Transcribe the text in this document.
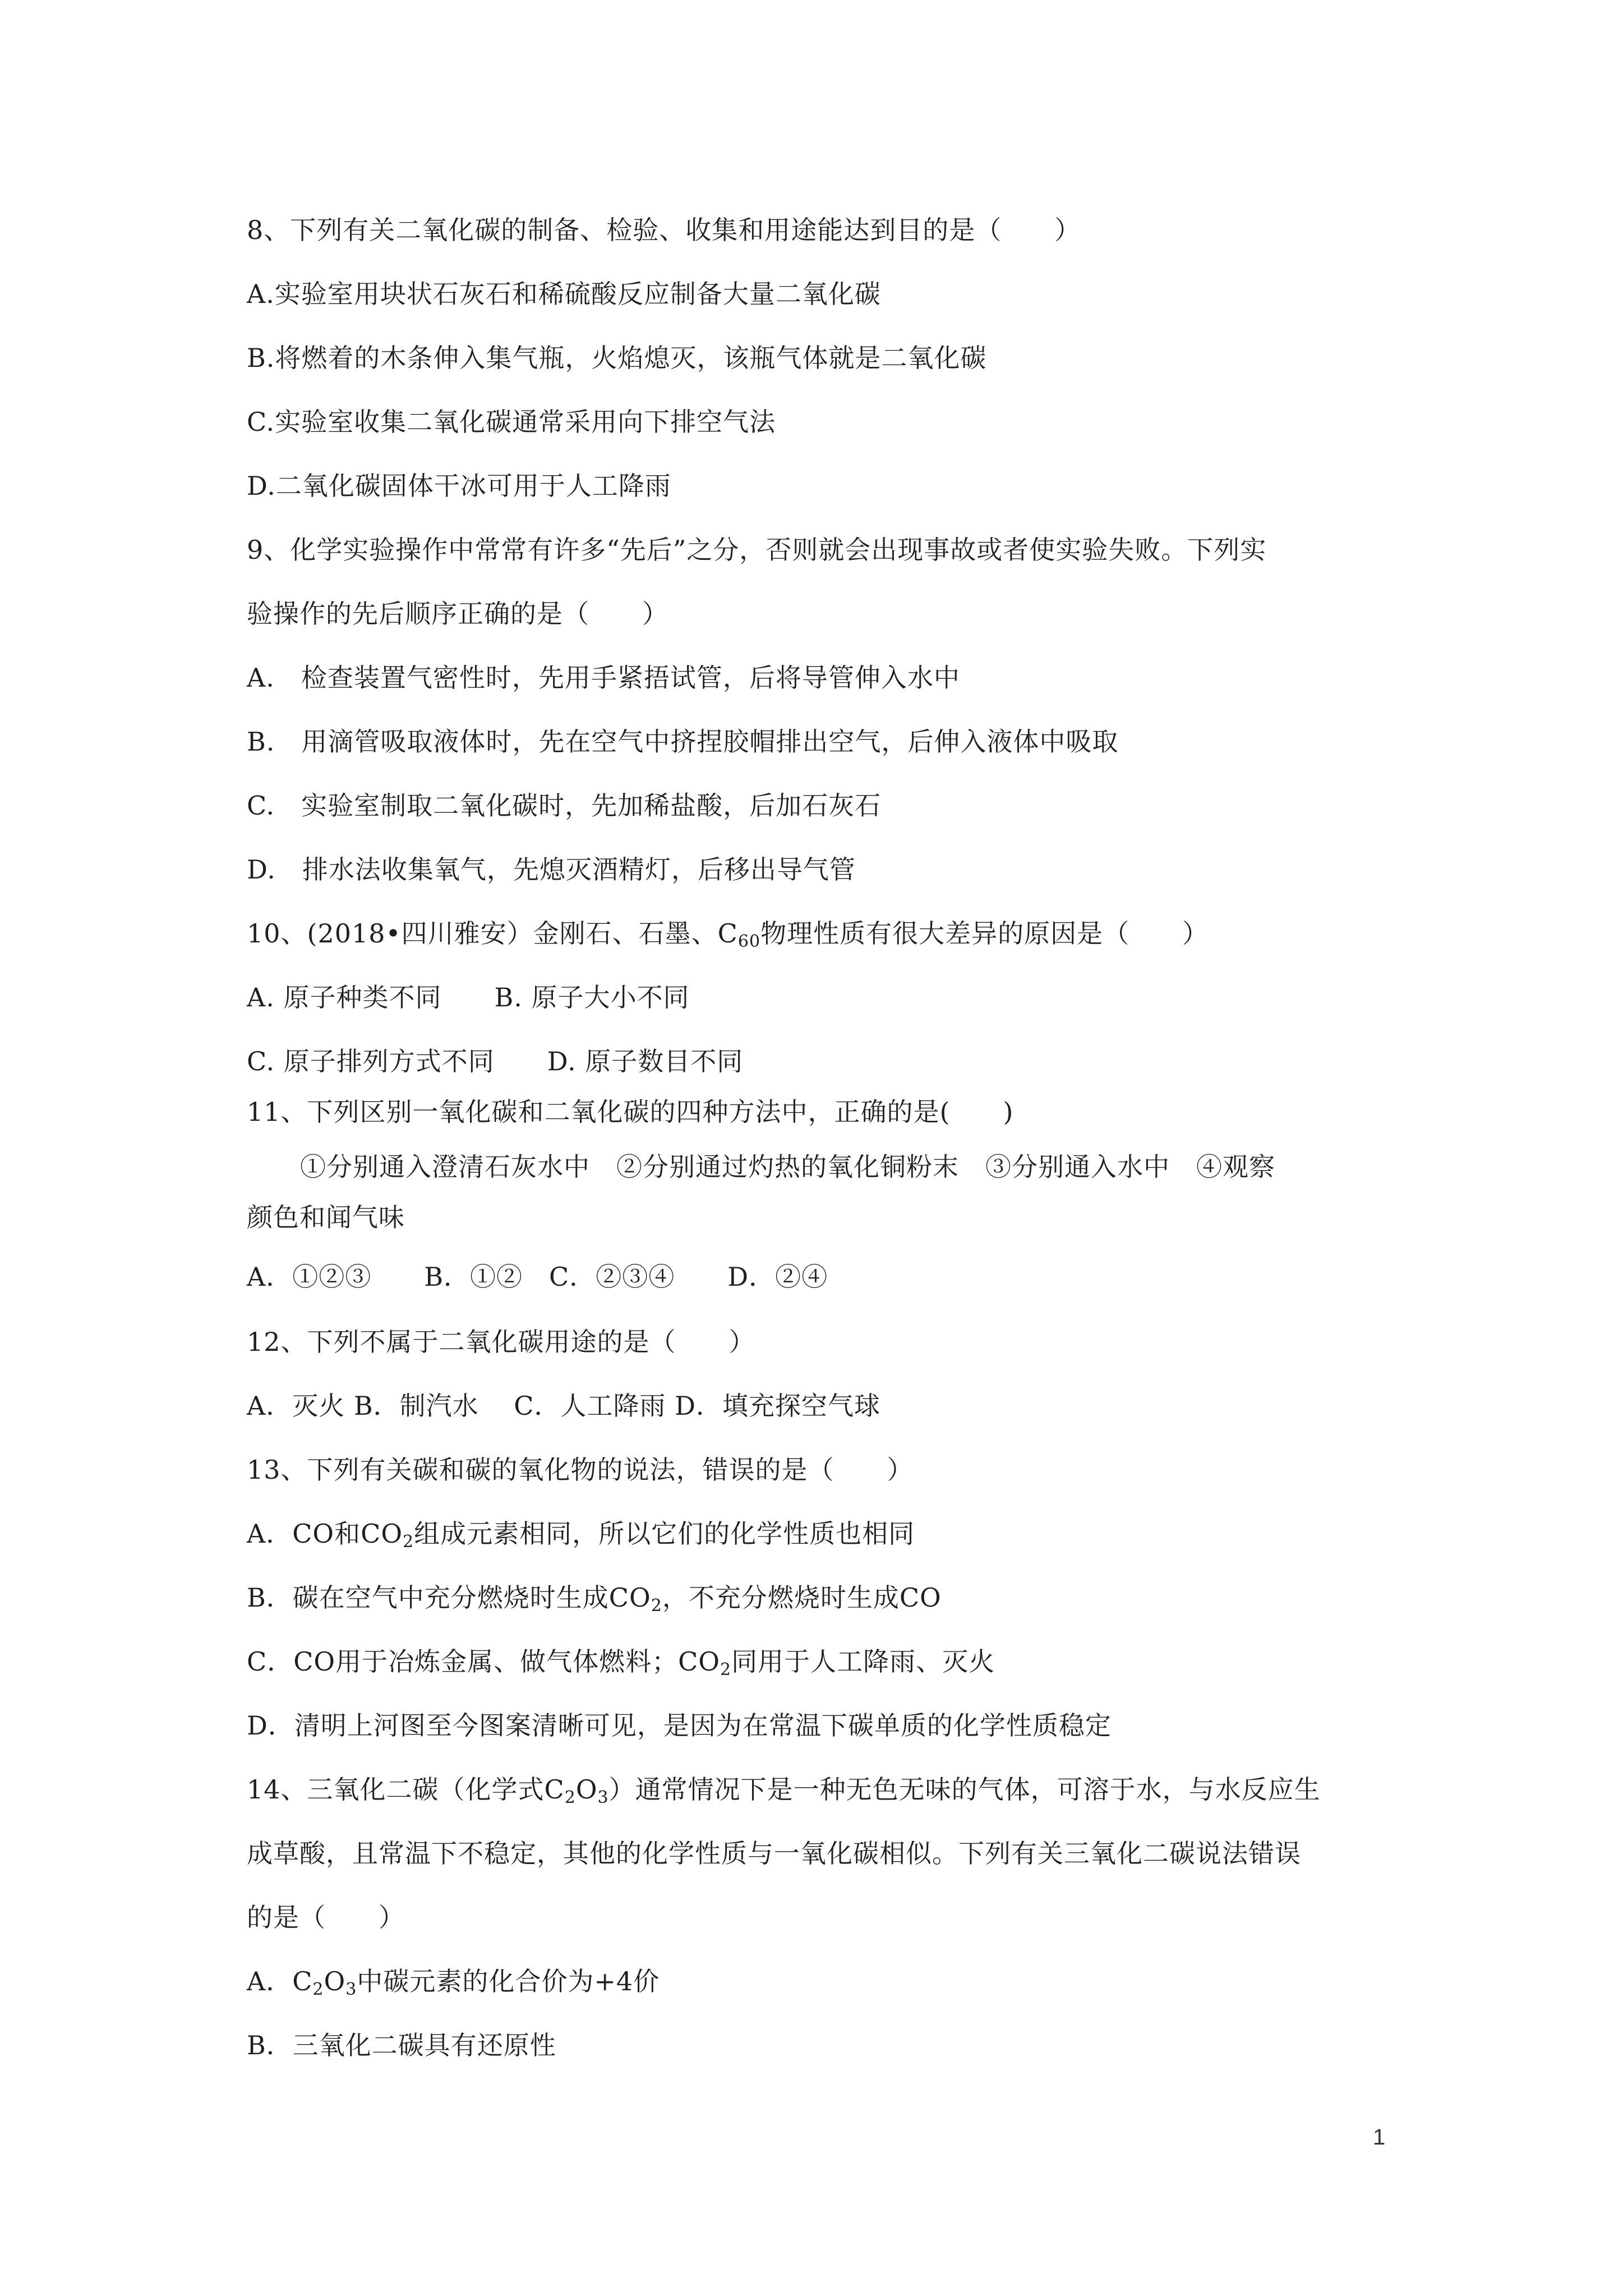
8、下列有关二氧化碳的制备、检验、收集和用途能达到目的是（　　）
A.实验室用块状石灰石和稀硫酸反应制备大量二氧化碳
B.将燃着的木条伸入集气瓶，火焰熄灭，该瓶气体就是二氧化碳
C.实验室收集二氧化碳通常采用向下排空气法
D.二氧化碳固体干冰可用于人工降雨
9、化学实验操作中常常有许多“先后”之分，否则就会出现事故或者使实验失败。下列实
验操作的先后顺序正确的是（　　）
A.　检查装置气密性时，先用手紧捂试管，后将导管伸入水中
B.　用滴管吸取液体时，先在空气中挤捏胶帽排出空气，后伸入液体中吸取
C.　实验室制取二氧化碳时，先加稀盐酸，后加石灰石
D.　排水法收集氧气，先熄灭酒精灯，后移出导气管
10、(2018•四川雅安）金刚石、石墨、$C_{60}$物理性质有很大差异的原因是（　　）
A. 原子种类不同　　B. 原子大小不同
C. 原子排列方式不同　　D. 原子数目不同
11、下列区别一氧化碳和二氧化碳的四种方法中，正确的是(　　)
①分别通入澄清石灰水中　②分别通过灼热的氧化铜粉末　③分别通入水中　④观察
颜色和闻气味
A．①②③　　B．①②　C．②③④　　D．②④
12、下列不属于二氧化碳用途的是（　　）
A．灭火 B．制汽水　 C．人工降雨 D．填充探空气球
13、下列有关碳和碳的氧化物的说法，错误的是（　　）
A．CO和$CO_2$组成元素相同，所以它们的化学性质也相同
B．碳在空气中充分燃烧时生成$CO_2$，不充分燃烧时生成CO
C．CO用于冶炼金属、做气体燃料；$CO_2$同用于人工降雨、灭火
D．清明上河图至今图案清晰可见，是因为在常温下碳单质的化学性质稳定
14、三氧化二碳（化学式$C_2O_3$）通常情况下是一种无色无味的气体，可溶于水，与水反应生
成草酸，且常温下不稳定，其他的化学性质与一氧化碳相似。下列有关三氧化二碳说法错误
的是（　　）
A．$C_2O_3$中碳元素的化合价为+4价
B．三氧化二碳具有还原性
1
